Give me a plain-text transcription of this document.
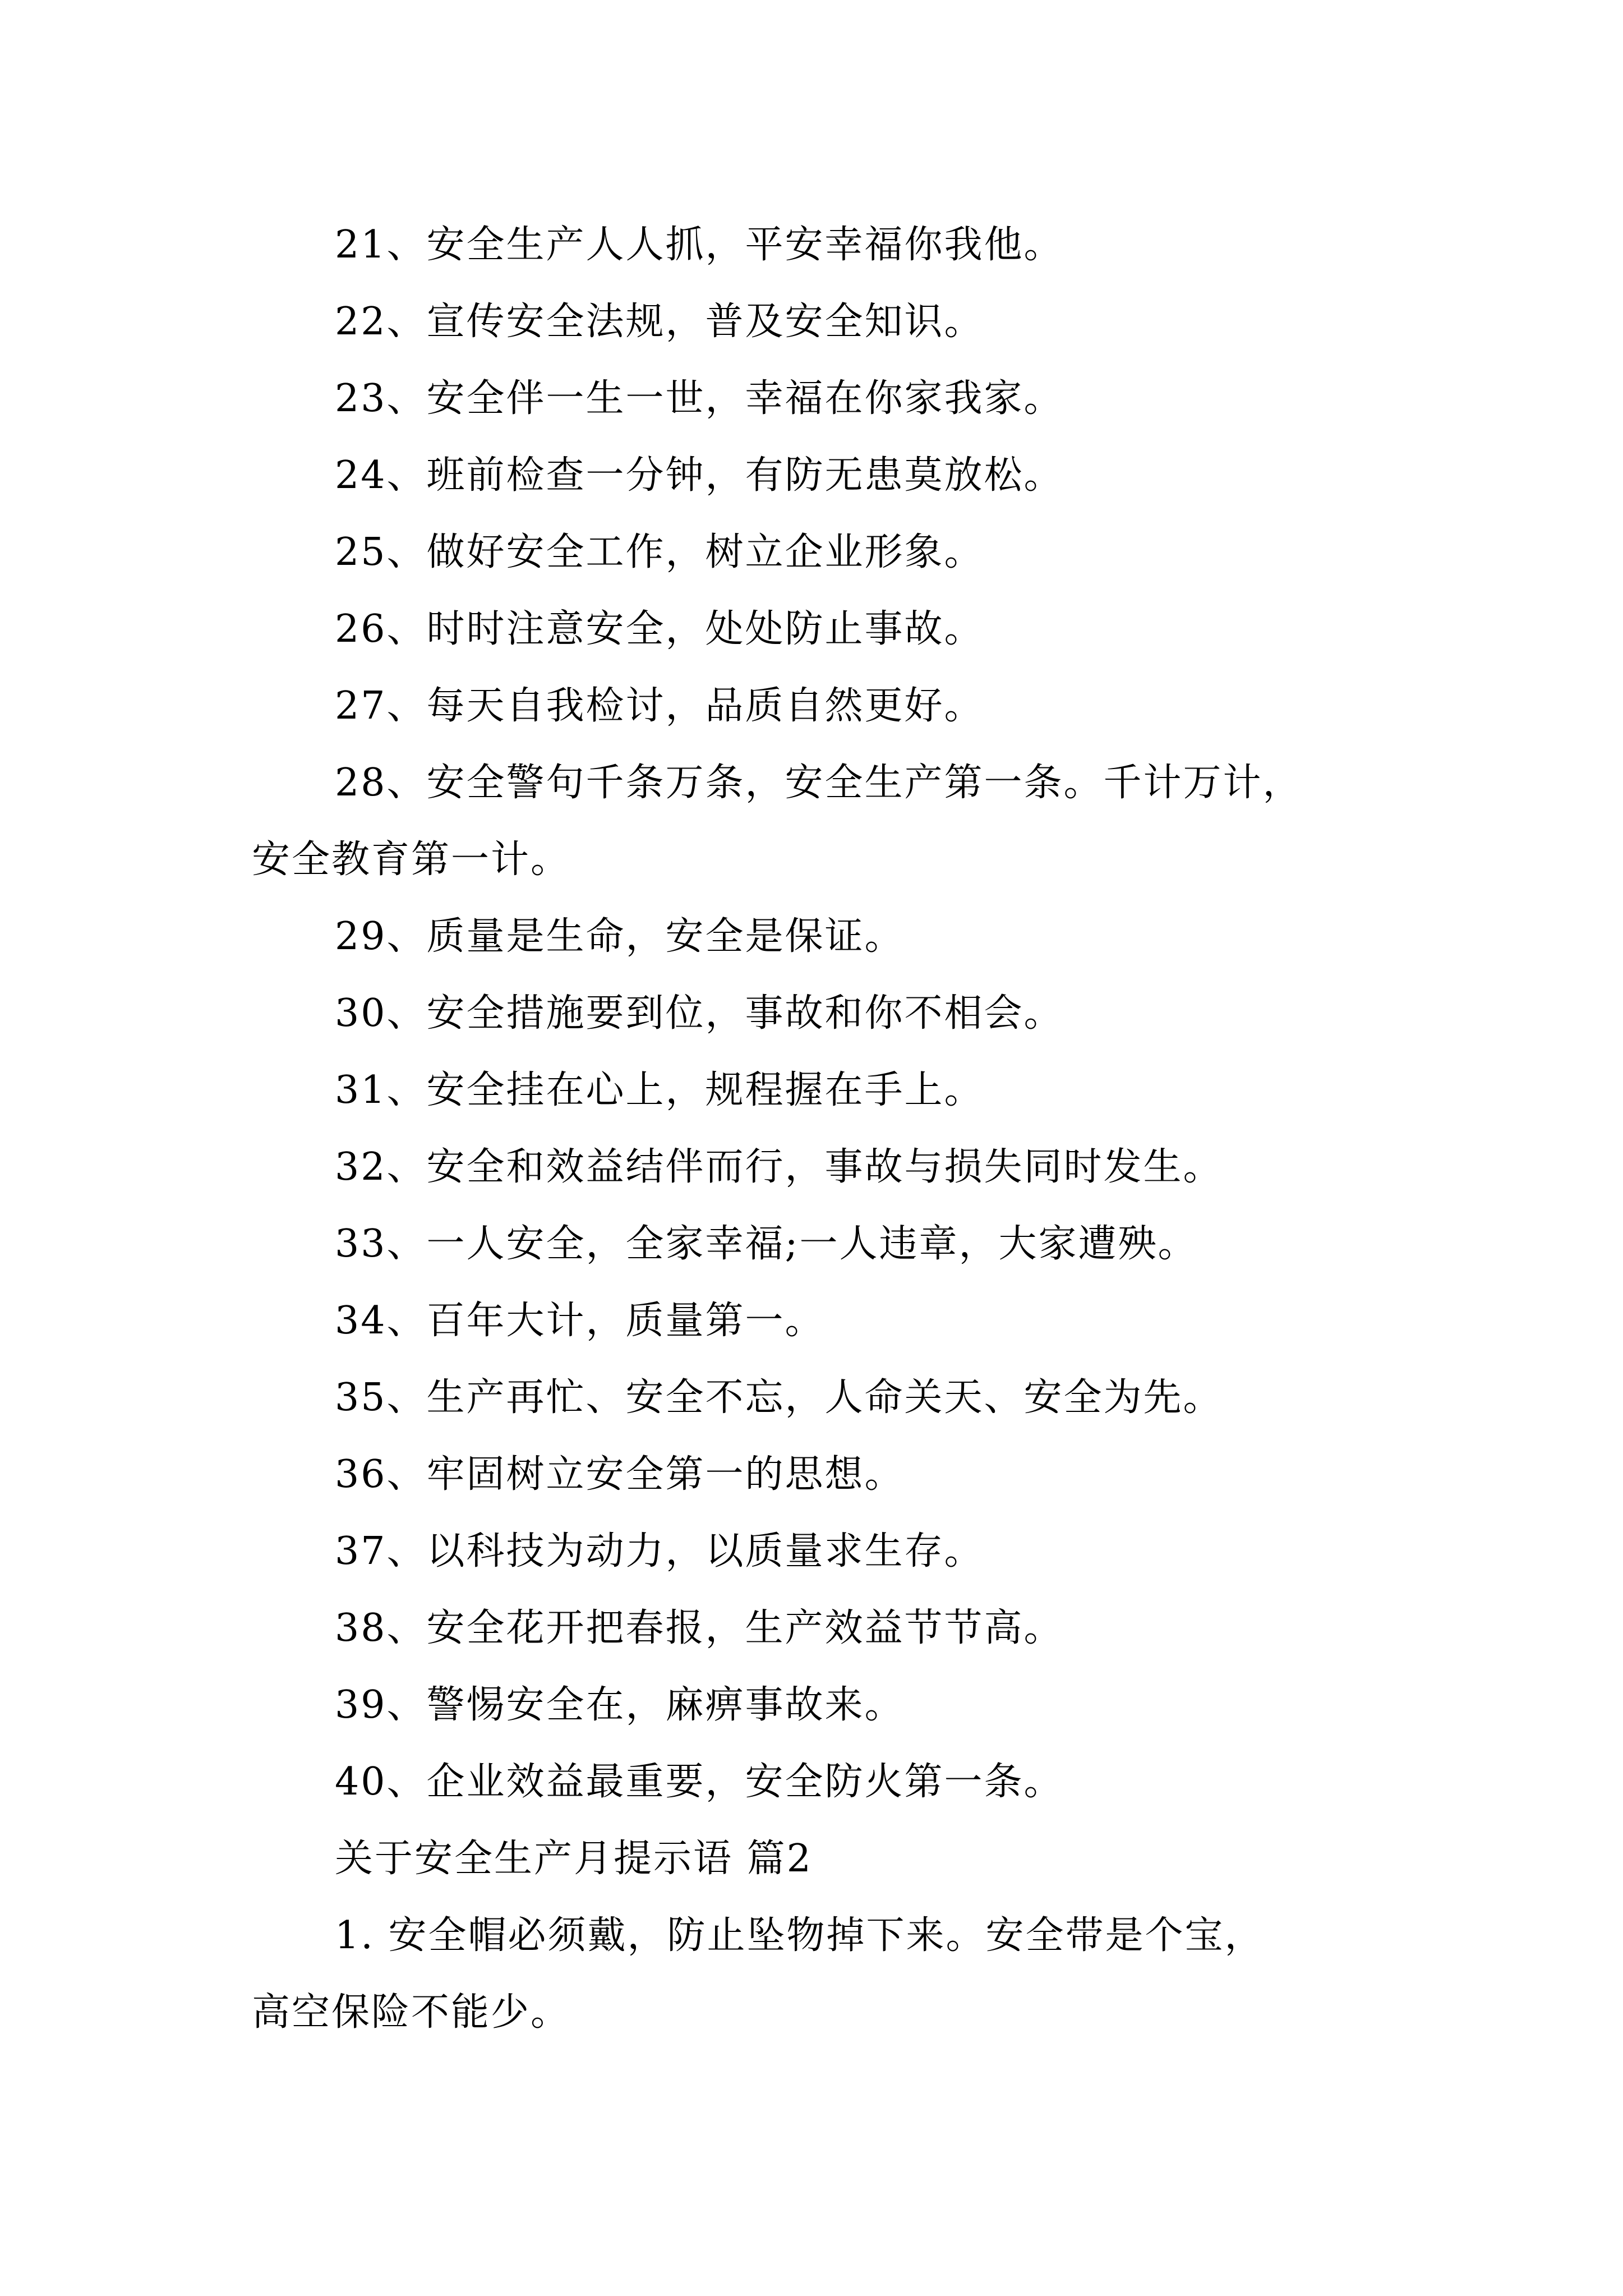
21、安全生产人人抓，平安幸福你我他。
22、宣传安全法规，普及安全知识。
23、安全伴一生一世，幸福在你家我家。
24、班前检查一分钟，有防无患莫放松。
25、做好安全工作，树立企业形象。
26、时时注意安全，处处防止事故。
27、每天自我检讨，品质自然更好。
28、安全警句千条万条，安全生产第一条。千计万计，
安全教育第一计。
29、质量是生命，安全是保证。
30、安全措施要到位，事故和你不相会。
31、安全挂在心上，规程握在手上。
32、安全和效益结伴而行，事故与损失同时发生。
33、一人安全，全家幸福;一人违章，大家遭殃。
34、百年大计，质量第一。
35、生产再忙、安全不忘，人命关天、安全为先。
36、牢固树立安全第一的思想。
37、以科技为动力，以质量求生存。
38、安全花开把春报，生产效益节节高。
39、警惕安全在，麻痹事故来。
40、企业效益最重要，安全防火第一条。
关于安全生产月提示语 篇2
1. 安全帽必须戴，防止坠物掉下来。安全带是个宝，
高空保险不能少。
